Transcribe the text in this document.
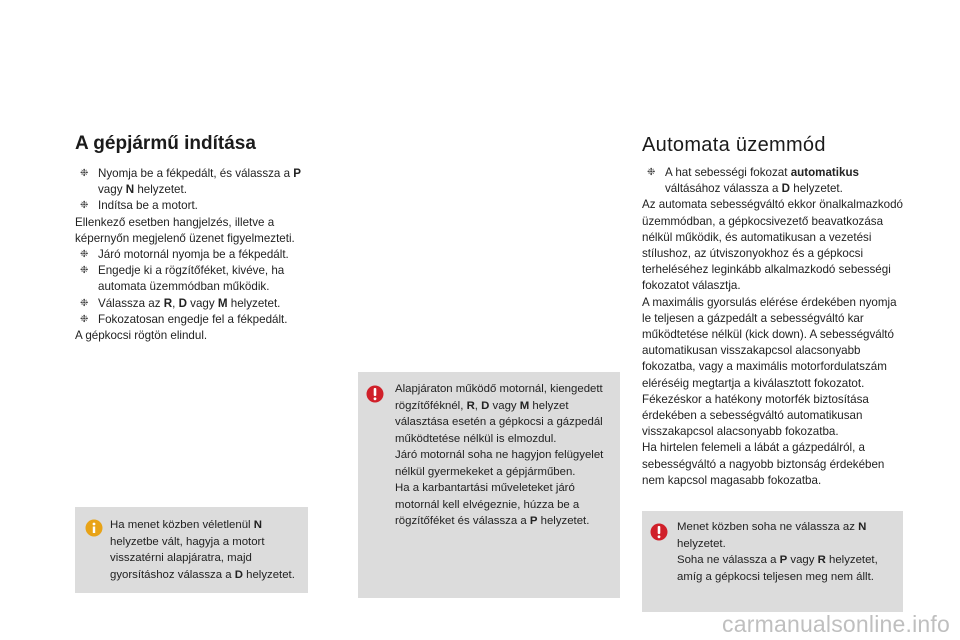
A gépjármű indítása
❉ Nyomja be a fékpedált, és válassza a P vagy N helyzetet.
❉ Indítsa be a motort.
Ellenkező esetben hangjelzés, illetve a képernyőn megjelenő üzenet figyelmezteti.
❉ Járó motornál nyomja be a fékpedált.
❉ Engedje ki a rögzítőféket, kivéve, ha automata üzemmódban működik.
❉ Válassza az R, D vagy M helyzetet.
❉ Fokozatosan engedje fel a fékpedált.
A gépkocsi rögtön elindul.
Ha menet közben véletlenül N helyzetbe vált, hagyja a motort visszatérni alapjáratra, majd gyorsításhoz válassza a D helyzetet.
Alapjáraton működő motornál, kiengedett rögzítőféknél, R, D vagy M helyzet választása esetén a gépkocsi a gázpedál működtetése nélkül is elmozdul.
Járó motornál soha ne hagyjon felügyelet nélkül gyermekeket a gépjárműben.
Ha a karbantartási műveleteket járó motornál kell elvégeznie, húzza be a rögzítőféket és válassza a P helyzetet.
Automata üzemmód
❉ A hat sebességi fokozat automatikus váltásához válassza a D helyzetet.
Az automata sebességváltó ekkor önalkalmazkodó üzemmódban, a gépkocsivezető beavatkozása nélkül működik, és automatikusan a vezetési stílushoz, az útviszonyokhoz és a gépkocsi terheléséhez leginkább alkalmazkodó sebességi fokozatot választja.
A maximális gyorsulás elérése érdekében nyomja le teljesen a gázpedált a sebességváltó kar működtetése nélkül (kick down). A sebességváltó automatikusan visszakapcsol alacsonyabb fokozatba, vagy a maximális motorfordulatszám eléréséig megtartja a kiválasztott fokozatot.
Fékezéskor a hatékony motorfék biztosítása érdekében a sebességváltó automatikusan visszakapcsol alacsonyabb fokozatba.
Ha hirtelen felemeli a lábát a gázpedálról, a sebességváltó a nagyobb biztonság érdekében nem kapcsol magasabb fokozatba.
Menet közben soha ne válassza az N helyzetet.
Soha ne válassza a P vagy R helyzetet, amíg a gépkocsi teljesen meg nem állt.
carmanualsonline.info
